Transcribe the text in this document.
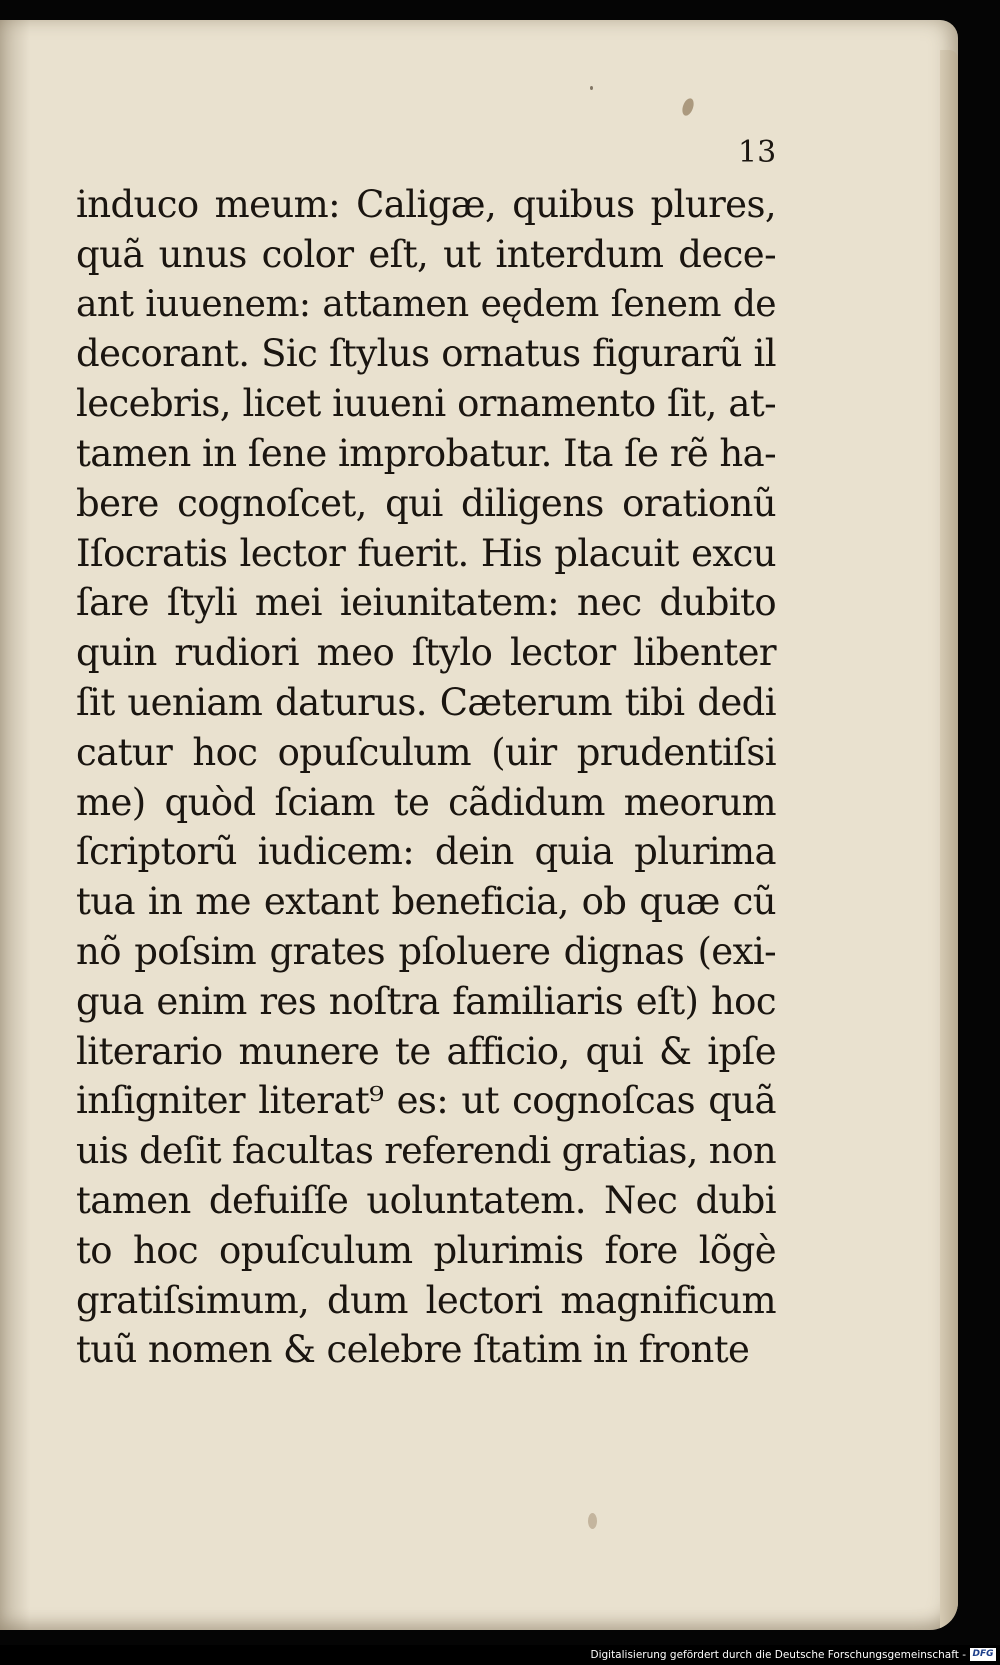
13
induco meum: Caligæ, quibus plures,
quã unus color eſt, ut interdum dece-
ant iuuenem: attamen eędem ſenem de
decorant. Sic ſtylus ornatus figurarũ il
lecebris, licet iuueni ornamento ſit, at-
tamen in ſene improbatur. Ita ſe rẽ ha-
bere cognoſcet, qui diligens orationũ
Iſocratis lector fuerit. His placuit excu
ſare ſtyli mei ieiunitatem: nec dubito
quin rudiori meo ſtylo lector libenter
ſit ueniam daturus. Cæterum tibi dedi
catur hoc opuſculum (uir prudentiſsi
me) quòd ſciam te cãdidum meorum
ſcriptorũ iudicem: dein quia plurima
tua in me extant beneficia, ob quæ cũ
nõ poſsim grates pſoluere dignas (exi-
gua enim res noſtra familiaris eſt) hoc
literario munere te afficio, qui & ipſe
inſigniter literat⁹ es: ut cognoſcas quã
uis deſit facultas referendi gratias, non
tamen defuiſſe uoluntatem. Nec dubi
to hoc opuſculum plurimis fore lõgè
gratiſsimum, dum lectori magnificum
tuũ nomen & celebre ſtatim in fronte
Digitalisierung gefördert durch die Deutsche Forschungsgemeinschaft - DFG
